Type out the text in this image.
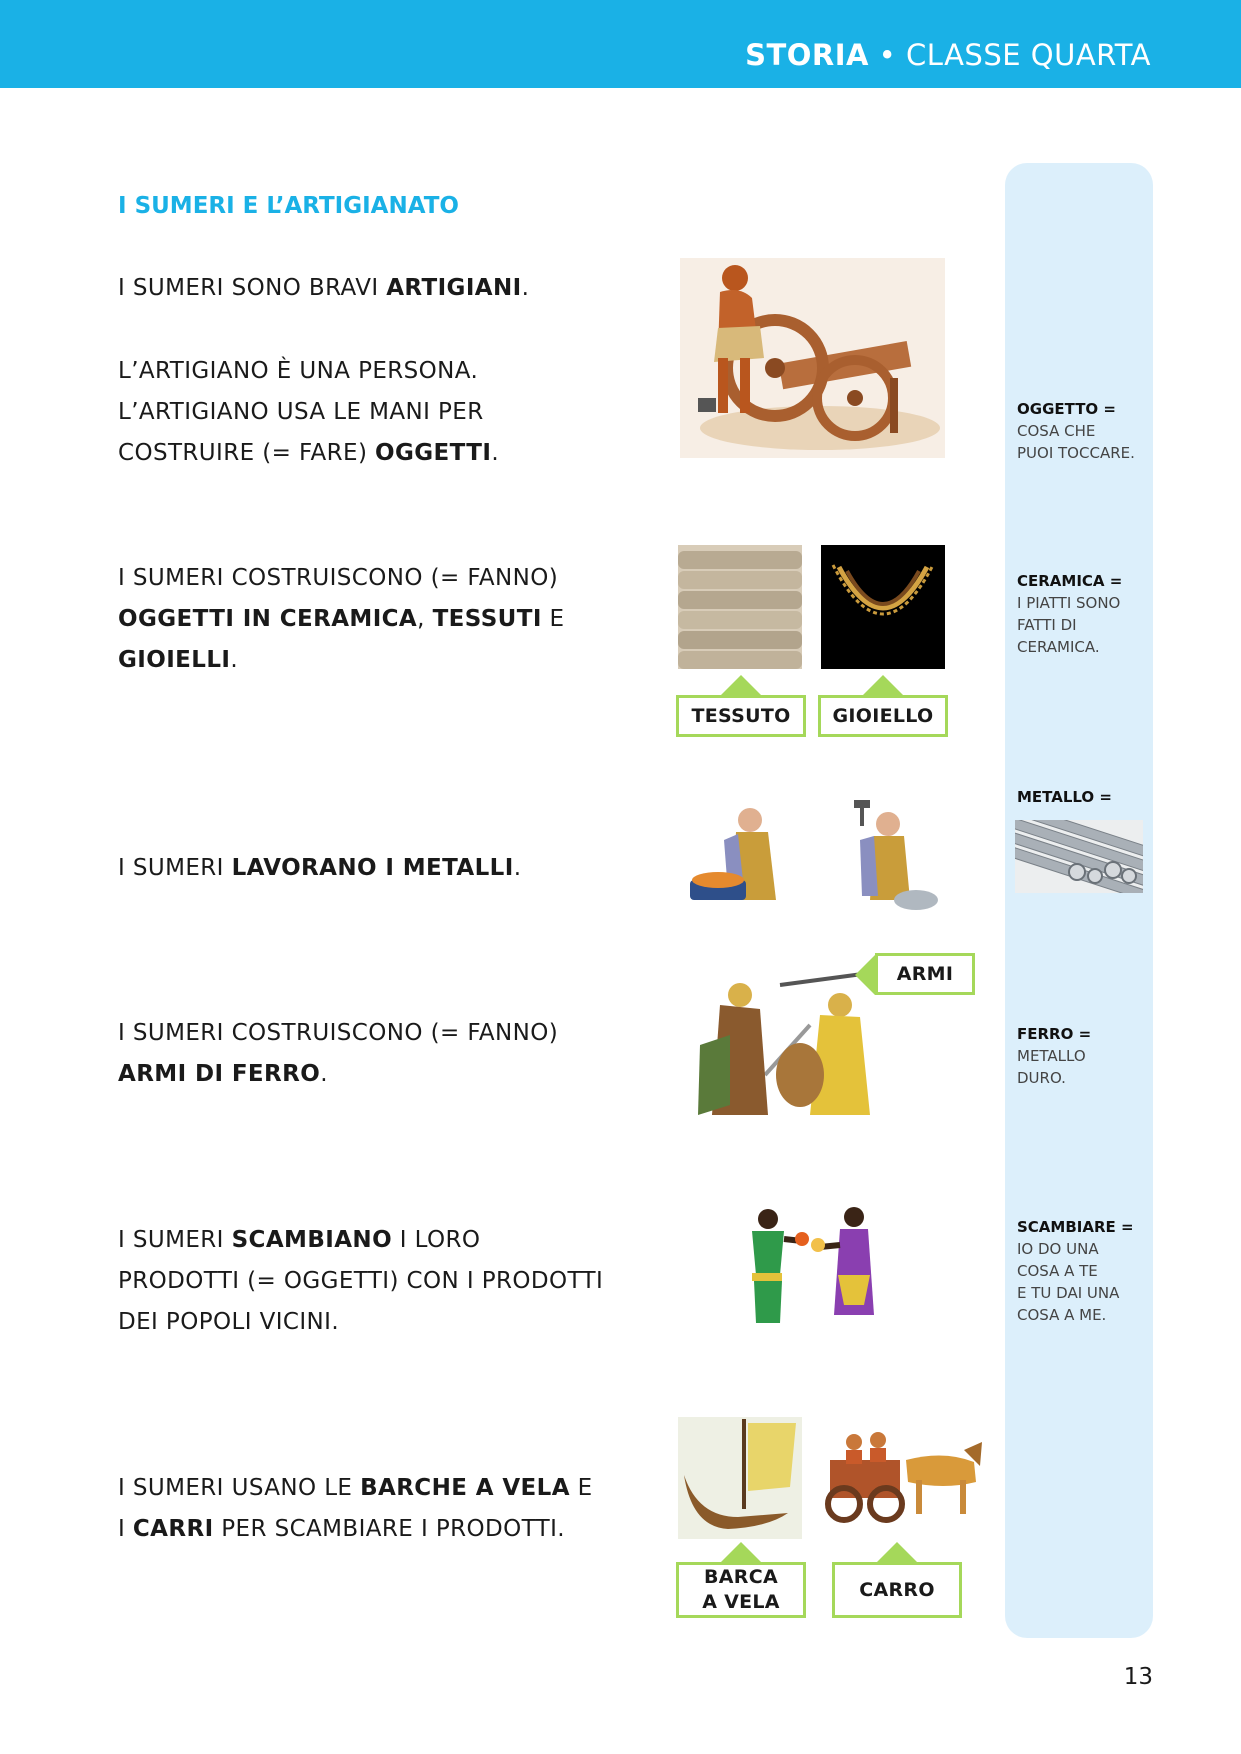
STORIA • CLASSE QUARTA
I SUMERI E L’ARTIGIANATO
I SUMERI SONO BRAVI ARTIGIANI.
L’ARTIGIANO È UNA PERSONA.
L’ARTIGIANO USA LE MANI PER
COSTRUIRE (= FARE) OGGETTI.
I SUMERI COSTRUISCONO (= FANNO)
OGGETTI IN CERAMICA, TESSUTI E
GIOIELLI.
TESSUTO	GIOIELLO
I SUMERI LAVORANO I METALLI.
I SUMERI COSTRUISCONO (= FANNO)
ARMI DI FERRO.
ARMI
I SUMERI SCAMBIANO I LORO
PRODOTTI (= OGGETTI) CON I PRODOTTI
DEI POPOLI VICINI.
I SUMERI USANO LE BARCHE A VELA E
I CARRI PER SCAMBIARE I PRODOTTI.
BARCA
A VELA
CARRO
OGGETTO =
COSA CHE
PUOI TOCCARE.
CERAMICA =
I PIATTI SONO
FATTI DI
CERAMICA.
METALLO =
FERRO =
METALLO
DURO.
SCAMBIARE =
IO DO UNA
COSA A TE
E TU DAI UNA
COSA A ME.
13
